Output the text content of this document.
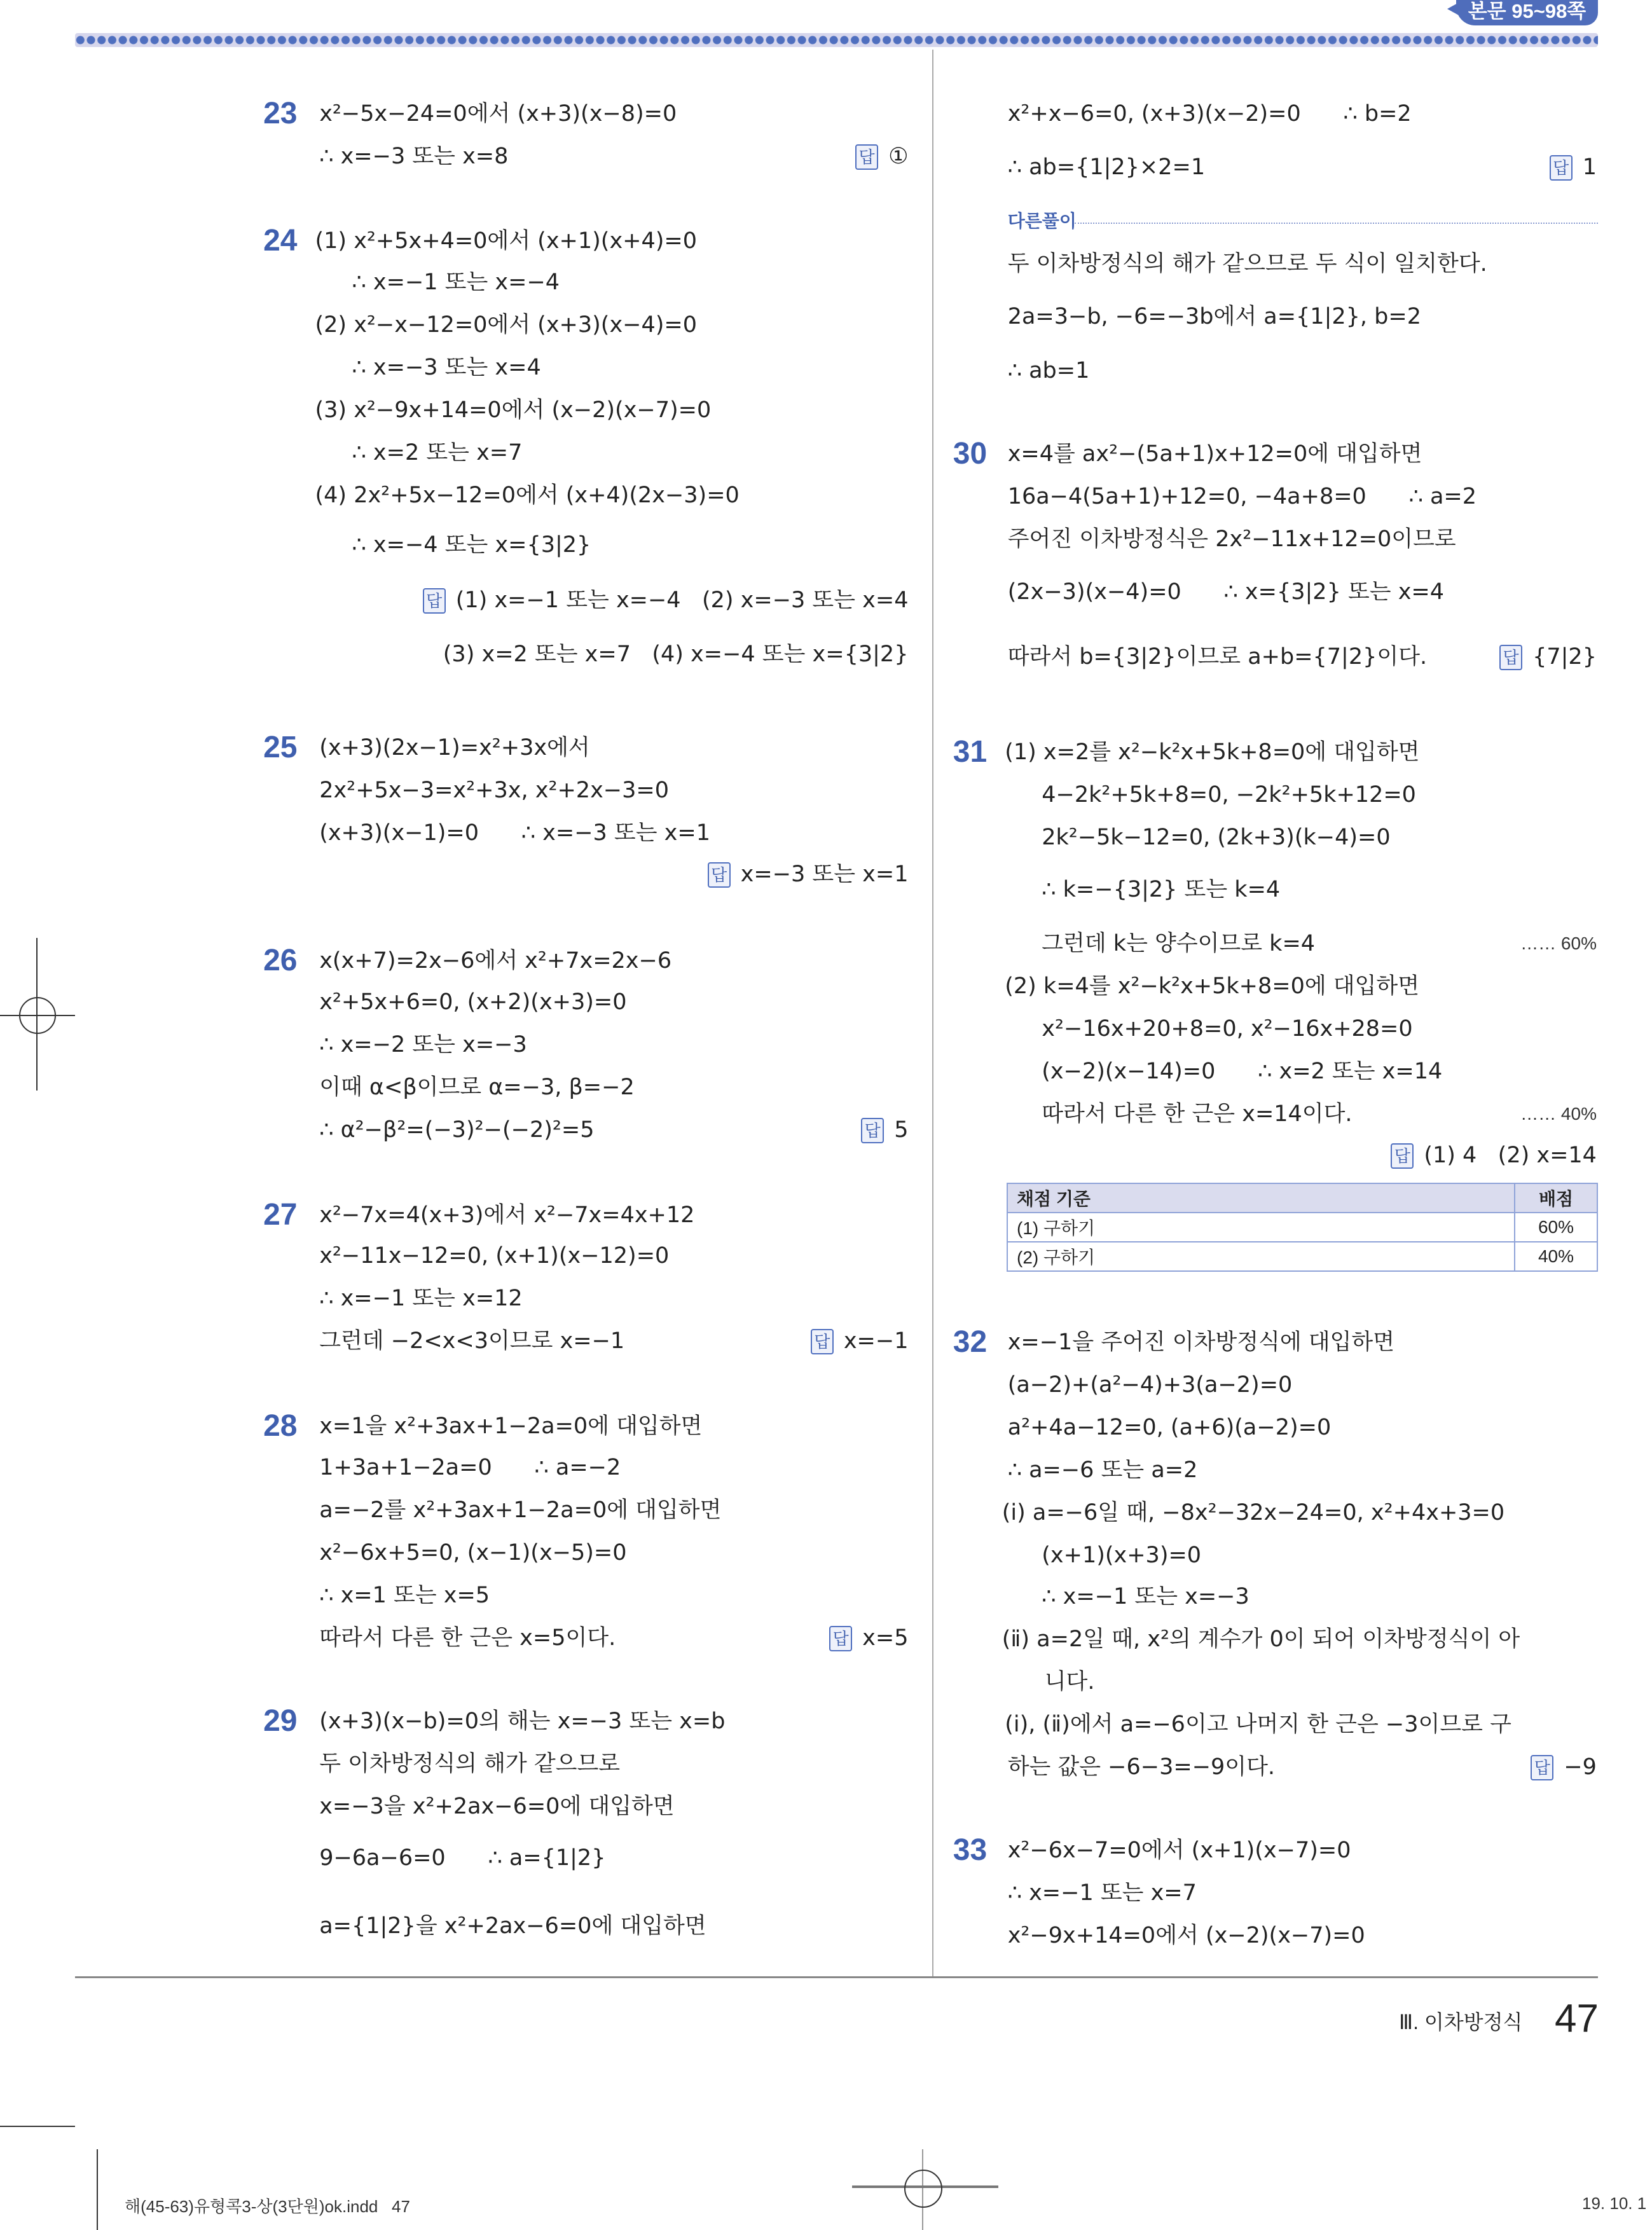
본문 95~98쪽
채점 기준	배점
(1) 구하기	60%
(2) 구하기	40%
Ⅲ. 이차방정식 47
해(45-63)유형콕3-상(3단원)ok.indd   47	19. 10. 1
23 x²−5x−24=0에서 (x+3)(x−8)=0
∴ x=−3 또는 x=8	답 ①
24 (1) x²+5x+4=0에서 (x+1)(x+4)=0
∴ x=−1 또는 x=−4
(2) x²−x−12=0에서 (x+3)(x−4)=0
∴ x=−3 또는 x=4
(3) x²−9x+14=0에서 (x−2)(x−7)=0
∴ x=2 또는 x=7
(4) 2x²+5x−12=0에서 (x+4)(2x−3)=0
∴ x=−4 또는 x={3|2}
답 (1) x=−1 또는 x=−4   (2) x=−3 또는 x=4
(3) x=2 또는 x=7   (4) x=−4 또는 x={3|2}
25 (x+3)(2x−1)=x²+3x에서
2x²+5x−3=x²+3x, x²+2x−3=0
(x+3)(x−1)=0      ∴ x=−3 또는 x=1
답 x=−3 또는 x=1
26 x(x+7)=2x−6에서 x²+7x=2x−6
x²+5x+6=0, (x+2)(x+3)=0
∴ x=−2 또는 x=−3
이때 α<β이므로 α=−3, β=−2
∴ α²−β²=(−3)²−(−2)²=5	답 5
27 x²−7x=4(x+3)에서 x²−7x=4x+12
x²−11x−12=0, (x+1)(x−12)=0
∴ x=−1 또는 x=12
그런데 −2<x<3이므로 x=−1	답 x=−1
28 x=1을 x²+3ax+1−2a=0에 대입하면
1+3a+1−2a=0      ∴ a=−2
a=−2를 x²+3ax+1−2a=0에 대입하면
x²−6x+5=0, (x−1)(x−5)=0
∴ x=1 또는 x=5
따라서 다른 한 근은 x=5이다.	답 x=5
29 (x+3)(x−b)=0의 해는 x=−3 또는 x=b
두 이차방정식의 해가 같으므로
x=−3을 x²+2ax−6=0에 대입하면
9−6a−6=0      ∴ a={1|2}
a={1|2}을 x²+2ax−6=0에 대입하면
x²+x−6=0, (x+3)(x−2)=0      ∴ b=2
∴ ab={1|2}×2=1	답 1
다른풀이
두 이차방정식의 해가 같으므로 두 식이 일치한다.
2a=3−b, −6=−3b에서 a={1|2}, b=2
∴ ab=1
30 x=4를 ax²−(5a+1)x+12=0에 대입하면
16a−4(5a+1)+12=0, −4a+8=0      ∴ a=2
주어진 이차방정식은 2x²−11x+12=0이므로
(2x−3)(x−4)=0      ∴ x={3|2} 또는 x=4
따라서 b={3|2}이므로 a+b={7|2}이다.	답 {7|2}
31 (1) x=2를 x²−k²x+5k+8=0에 대입하면
4−2k²+5k+8=0, −2k²+5k+12=0
2k²−5k−12=0, (2k+3)(k−4)=0
∴ k=−{3|2} 또는 k=4
그런데 k는 양수이므로 k=4
(2) k=4를 x²−k²x+5k+8=0에 대입하면
x²−16x+20+8=0, x²−16x+28=0
(x−2)(x−14)=0      ∴ x=2 또는 x=14
따라서 다른 한 근은 x=14이다.
…… 60%
…… 40%
답 (1) 4   (2) x=14
32 x=−1을 주어진 이차방정식에 대입하면
(a−2)+(a²−4)+3(a−2)=0
a²+4a−12=0, (a+6)(a−2)=0
∴ a=−6 또는 a=2
(ⅰ) a=−6일 때, −8x²−32x−24=0, x²+4x+3=0
(x+1)(x+3)=0
∴ x=−1 또는 x=−3
(ⅱ) a=2일 때, x²의 계수가 0이 되어 이차방정식이 아
니다.
(ⅰ), (ⅱ)에서 a=−6이고 나머지 한 근은 −3이므로 구
하는 값은 −6−3=−9이다.	답 −9
33 x²−6x−7=0에서 (x+1)(x−7)=0
∴ x=−1 또는 x=7
x²−9x+14=0에서 (x−2)(x−7)=0
